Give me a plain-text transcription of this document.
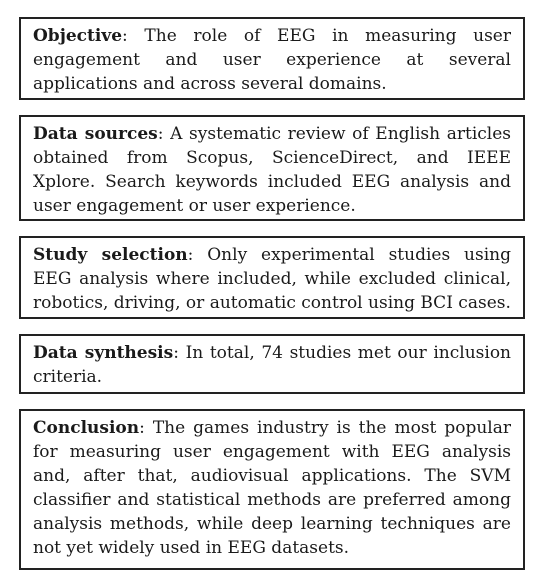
Objective: The role of EEG in measuring user engagement and user experience at several applications and across several domains.
Data sources: A systematic review of English articles obtained from Scopus, ScienceDirect, and IEEE Xplore. Search keywords included EEG analysis and user engagement or user experience.
Study selection: Only experimental studies using EEG analysis where included, while excluded clinical, robotics, driving, or automatic control using BCI cases.
Data synthesis: In total, 74 studies met our inclusion criteria.
Conclusion: The games industry is the most popular for measuring user engagement with EEG analysis and, after that, audiovisual applications. The SVM classifier and statistical methods are preferred among analysis methods, while deep learning techniques are not yet widely used in EEG datasets.
